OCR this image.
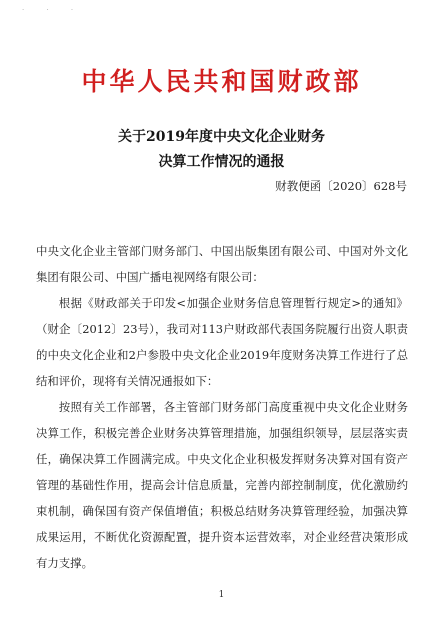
· · ·
中华人民共和国财政部
关于2019年度中央文化企业财务
决算工作情况的通报
财教便函〔2020〕628号

中央文化企业主管部门财务部门、中国出版集团有限公司、中国对外文化集团有限公司、中国广播电视网络有限公司：

根据《财政部关于印发<加强企业财务信息管理暂行规定>的通知》（财企〔2012〕23号），我司对113户财政部代表国务院履行出资人职责的中央文化企业和2户参股中央文化企业2019年度财务决算工作进行了总结和评价，现将有关情况通报如下：

按照有关工作部署，各主管部门财务部门高度重视中央文化企业财务决算工作，积极完善企业财务决算管理措施，加强组织领导，层层落实责任，确保决算工作圆满完成。中央文化企业积极发挥财务决算对国有资产管理的基础性作用，提高会计信息质量，完善内部控制制度，优化激励约束机制，确保国有资产保值增值；积极总结财务决算管理经验，加强决算成果运用，不断优化资源配置，提升资本运营效率，对企业经营决策形成有力支撑。

1
